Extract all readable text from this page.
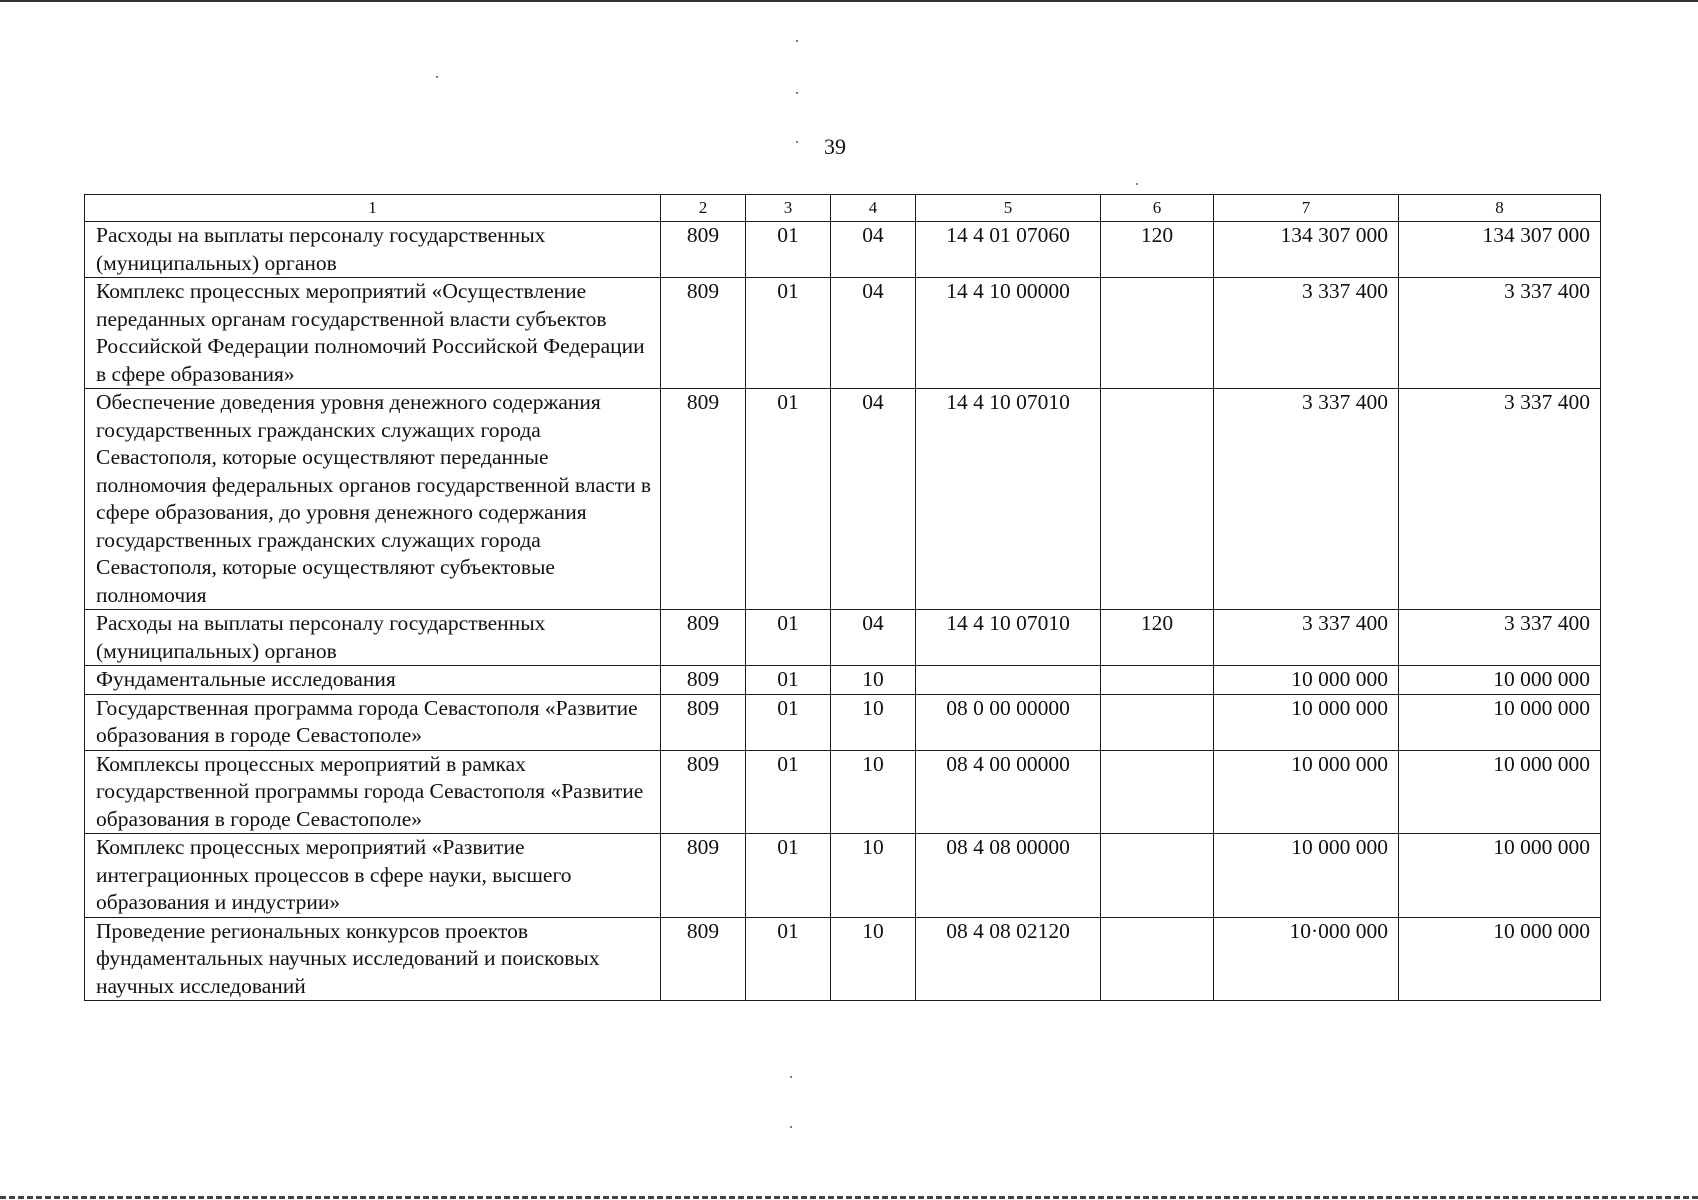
39
1	2	3	4	5	6	7	8
Расходы на выплаты персоналу государственных (муниципальных) органов	809	01	04	14 4 01 07060	120	134 307 000	134 307 000
Комплекс процессных мероприятий «Осуществление переданных органам государственной власти субъектов Российской Федерации полномочий Российской Федерации в сфере образования»	809	01	04	14 4 10 00000		3 337 400	3 337 400
Обеспечение доведения уровня денежного содержания государственных гражданских служащих города Севастополя, которые осуществляют переданные полномочия федеральных органов государственной власти в сфере образования, до уровня денежного содержания государственных гражданских служащих города Севастополя, которые осуществляют субъектовые полномочия	809	01	04	14 4 10 07010		3 337 400	3 337 400
Расходы на выплаты персоналу государственных (муниципальных) органов	809	01	04	14 4 10 07010	120	3 337 400	3 337 400
Фундаментальные исследования	809	01	10			10 000 000	10 000 000
Государственная программа города Севастополя «Развитие образования в городе Севастополе»	809	01	10	08 0 00 00000		10 000 000	10 000 000
Комплексы процессных мероприятий в рамках государственной программы города Севастополя «Развитие образования в городе Севастополе»	809	01	10	08 4 00 00000		10 000 000	10 000 000
Комплекс процессных мероприятий «Развитие интеграционных процессов в сфере науки, высшего образования и индустрии»	809	01	10	08 4 08 00000		10 000 000	10 000 000
Проведение региональных конкурсов проектов фундаментальных научных исследований и поисковых научных исследований	809	01	10	08 4 08 02120		10·000 000	10 000 000
